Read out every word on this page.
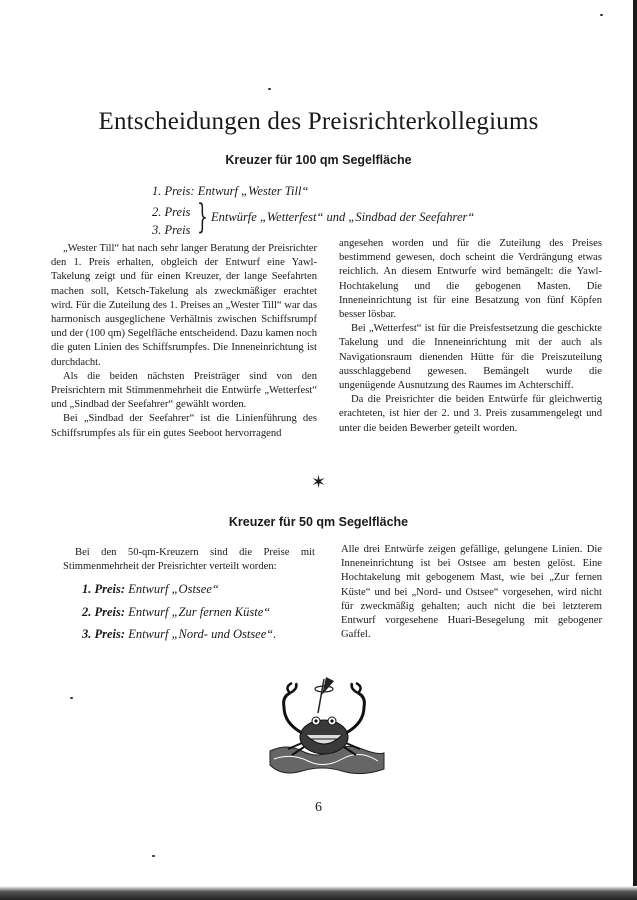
Entscheidungen des Preisrichterkollegiums
Kreuzer für 100 qm Segelfläche
1. Preis: Entwurf „Wester Till“
2. Preis
3. Preis } Entwürfe „Wetterfest“ und „Sindbad der Seefahrer“

„Wester Till“ hat nach sehr langer Beratung der Preisrichter den 1. Preis erhalten, obgleich der Entwurf eine Yawl-Takelung zeigt und für einen Kreuzer, der lange Seefahrten machen soll, Ketsch-Takelung als zweckmäßiger erachtet wird. Für die Zuteilung des 1. Preises an „Wester Till“ war das harmonisch ausgeglichene Verhältnis zwischen Schiffsrumpf und der (100 qm) Segelfläche entscheidend. Dazu kamen noch die guten Linien des Schiffsrumpfes. Die Inneneinrichtung ist durchdacht.

Als die beiden nächsten Preisträger sind von den Preisrichtern mit Stimmenmehrheit die Entwürfe „Wetterfest“ und „Sindbad der Seefahrer“ gewählt worden.

Bei „Sindbad der Seefahrer“ ist die Linienführung des Schiffsrumpfes als für ein gutes Seeboot hervorragend

angesehen worden und für die Zuteilung des Preises bestimmend gewesen, doch scheint die Verdrängung etwas reichlich. An diesem Entwurfe wird bemängelt: die Yawl-Hochtakelung und die gebogenen Masten. Die Inneneinrichtung ist für eine Besatzung von fünf Köpfen besser lösbar.

Bei „Wetterfest“ ist für die Preisfestsetzung die geschickte Takelung und die Inneneinrichtung mit der auch als Navigationsraum dienenden Hütte für die Preiszuteilung ausschlaggebend gewesen. Bemängelt wurde die ungenügende Ausnutzung des Raumes im Achterschiff.

Da die Preisrichter die beiden Entwürfe für gleichwertig erachteten, ist hier der 2. und 3. Preis zusammengelegt und unter die beiden Bewerber geteilt worden.

✶
Kreuzer für 50 qm Segelfläche

Bei den 50-qm-Kreuzern sind die Preise mit Stimmenmehrheit der Preisrichter verteilt worden:

1. Preis: Entwurf „Ostsee“
2. Preis: Entwurf „Zur fernen Küste“
3. Preis: Entwurf „Nord- und Ostsee“.

Alle drei Entwürfe zeigen gefällige, gelungene Linien. Die Inneneinrichtung ist bei Ostsee am besten gelöst. Eine Hochtakelung mit gebogenem Mast, wie bei „Zur fernen Küste“ und bei „Nord- und Ostsee“ vorgesehen, wird nicht für zweckmäßig gehalten; auch nicht die bei letzterem Entwurf vorgesehene Huari-Besegelung mit gebogener Gaffel.

6
